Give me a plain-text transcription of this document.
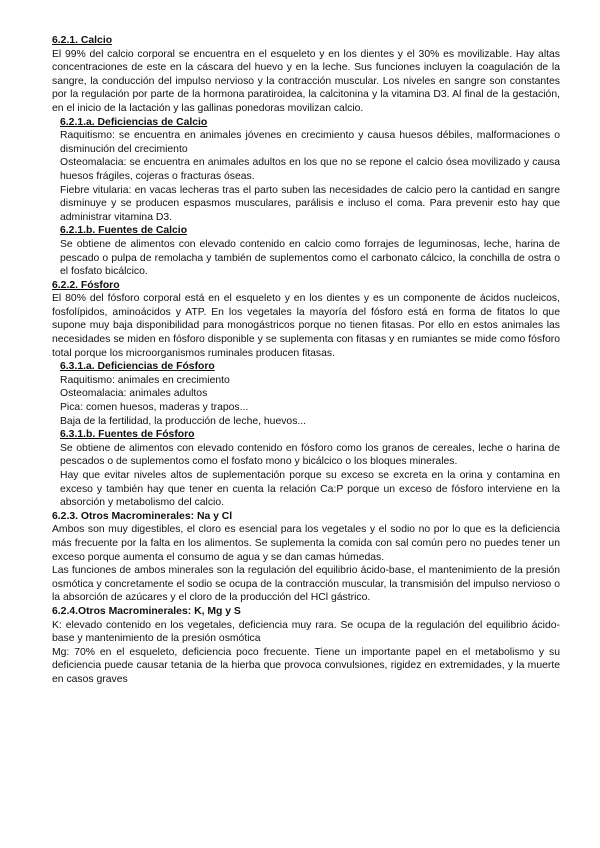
6.2.1. Calcio

El 99% del calcio corporal se encuentra en el esqueleto y en los dientes y el 30% es movilizable. Hay altas concentraciones de este en la cáscara del huevo y en la leche. Sus funciones incluyen la coagulación de la sangre, la conducción del impulso nervioso y la contracción muscular. Los niveles en sangre son constantes por la regulación por parte de la hormona paratiroidea, la calcitonina y la vitamina D3. Al final de la gestación, en el inicio de la lactación y las gallinas ponedoras movilizan calcio.

6.2.1.a. Deficiencias de Calcio

Raquitismo: se encuentra en animales jóvenes en crecimiento y causa huesos débiles, malformaciones o disminución del crecimiento

Osteomalacia: se encuentra en animales adultos en los que no se repone el calcio ósea movilizado y causa huesos frágiles, cojeras o fracturas óseas.

Fiebre vitularia: en vacas lecheras tras el parto suben las necesidades de calcio pero la cantidad en sangre disminuye y se producen espasmos musculares, parálisis e incluso el coma. Para prevenir esto hay que administrar vitamina D3.

6.2.1.b. Fuentes de Calcio

Se obtiene de alimentos con elevado contenido en calcio como forrajes de leguminosas, leche, harina de pescado o pulpa de remolacha y también de suplementos como el carbonato cálcico, la conchilla de ostra o el fosfato bicálcico.

6.2.2. Fósforo

El 80% del fósforo corporal está en el esqueleto y en los dientes y es un componente de ácidos nucleicos, fosfolípidos, aminoácidos y ATP. En los vegetales la mayoría del fósforo está en forma de fitatos lo que supone muy baja disponibilidad para monogástricos porque no tienen fitasas. Por ello en estos animales las necesidades se miden en fósforo disponible y se suplementa con fitasas y en rumiantes se mide como fósforo total porque los microorganismos ruminales producen fitasas.

6.3.1.a. Deficiencias de Fósforo

Raquitismo: animales en crecimiento

Osteomalacia: animales adultos

Pica: comen huesos, maderas y trapos...

Baja de la fertilidad, la producción de leche, huevos...

6.3.1.b. Fuentes de Fósforo

Se obtiene de alimentos con elevado contenido en fósforo como los granos de cereales, leche o harina de pescados o de suplementos como el fosfato mono y bicálcico o los bloques minerales.

Hay que evitar niveles altos de suplementación porque su exceso se excreta en la orina y contamina en exceso y también hay que tener en cuenta la relación Ca:P porque un exceso de fósforo interviene en la absorción y metabolismo del calcio.

6.2.3. Otros Macrominerales: Na y Cl

Ambos son muy digestibles, el cloro es esencial para los vegetales y el sodio no por lo que es la deficiencia más frecuente por la falta en los alimentos. Se suplementa la comida con sal común pero no puedes tener un exceso porque aumenta el consumo de agua y se dan camas húmedas.

Las funciones de ambos minerales son la regulación del equilibrio ácido-base, el mantenimiento de la presión osmótica y concretamente el sodio se ocupa de la contracción muscular, la transmisión del impulso nervioso o la absorción de azúcares y el cloro de la producción del HCl gástrico.

6.2.4.Otros Macrominerales: K, Mg y S

K: elevado contenido en los vegetales, deficiencia muy rara. Se ocupa de la regulación del equilibrio ácido-base y mantenimiento de la presión osmótica

Mg: 70% en el esqueleto, deficiencia poco frecuente. Tiene un importante papel en el metabolismo y su deficiencia puede causar tetania de la hierba que provoca convulsiones, rigidez en extremidades, y la muerte en casos graves
